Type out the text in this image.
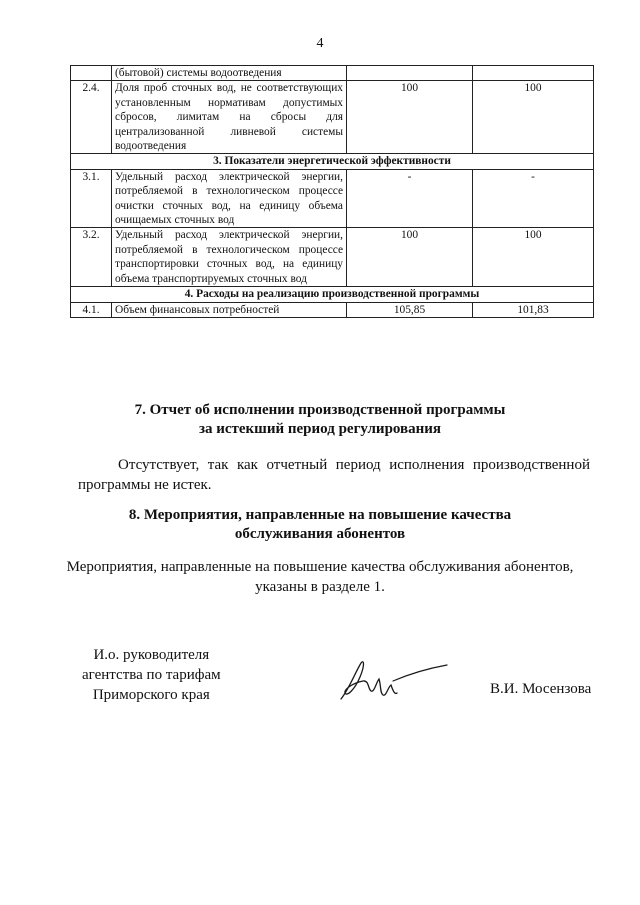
4
	(бытовой) системы водоотведения		
2.4.	Доля проб сточных вод, не соответствующих установленным нормативам допустимых сбросов, лимитам на сбросы для централизованной ливневой системы водоотведения	100	100
3. Показатели энергетической эффективности			
3.1.	Удельный расход электрической энергии, потребляемой в технологическом процессе очистки сточных вод, на единицу объема очищаемых сточных вод	-	-
3.2.	Удельный расход электрической энергии, потребляемой в технологическом процессе транспортировки сточных вод, на единицу объема транспортируемых сточных вод	100	100
4. Расходы на реализацию производственной программы			
4.1.	Объем финансовых потребностей	105,85	101,83
7. Отчет об исполнении производственной программы
за истекший период регулирования
Отсутствует, так как отчетный период исполнения производственной программы не истек.
8. Мероприятия, направленные на повышение качества
обслуживания абонентов
Мероприятия, направленные на повышение качества обслуживания абонентов,
указаны в разделе 1.
И.о. руководителя
агентства по тарифам
Приморского края	В.И. Мосензова
